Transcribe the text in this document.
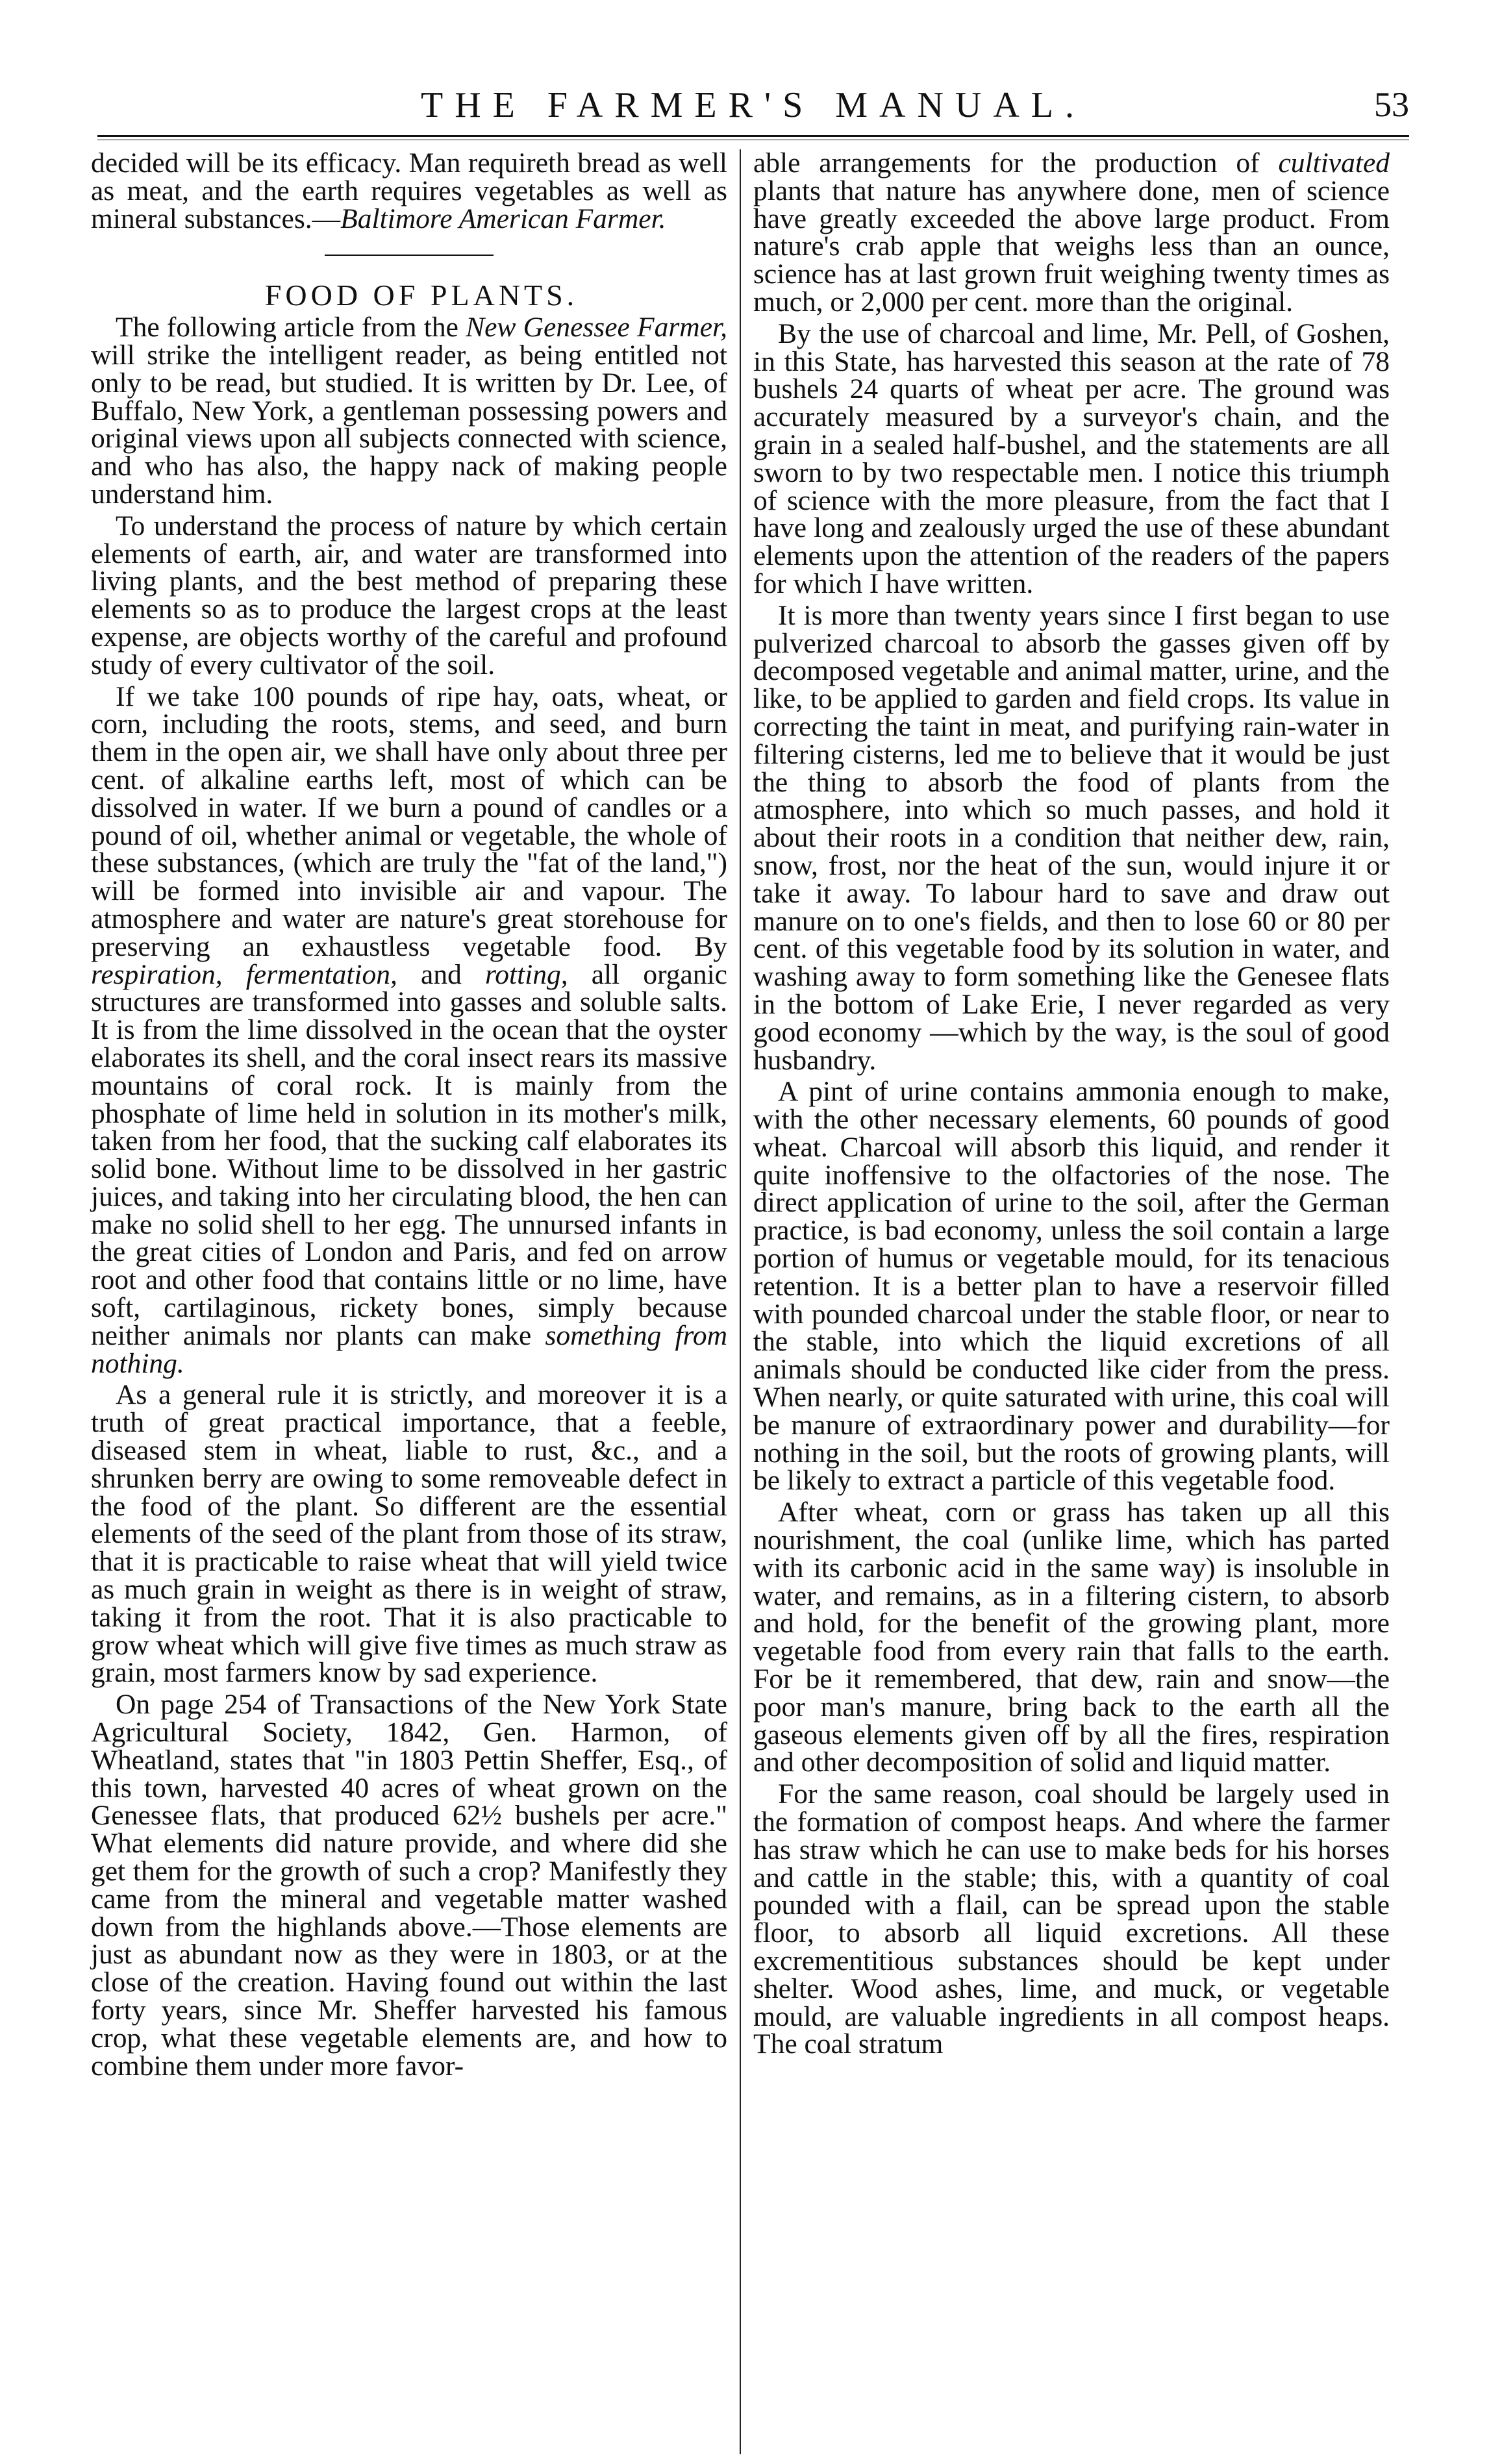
THE FARMER'S MANUAL.	53

decided will be its efficacy. Man requireth bread as well as meat, and the earth requires vegetables as well as mineral substances.—Baltimore American Farmer.

FOOD OF PLANTS.

The following article from the New Genessee Farmer, will strike the intelligent reader, as being entitled not only to be read, but studied. It is written by Dr. Lee, of Buffalo, New York, a gentleman possessing powers and original views upon all subjects connected with science, and who has also, the happy nack of making people understand him.

To understand the process of nature by which certain elements of earth, air, and water are transformed into living plants, and the best method of preparing these elements so as to produce the largest crops at the least expense, are objects worthy of the careful and profound study of every cultivator of the soil.

If we take 100 pounds of ripe hay, oats, wheat, or corn, including the roots, stems, and seed, and burn them in the open air, we shall have only about three per cent. of alkaline earths left, most of which can be dissolved in water. If we burn a pound of candles or a pound of oil, whether animal or vegetable, the whole of these substances, (which are truly the "fat of the land,") will be formed into invisible air and vapour. The atmosphere and water are nature's great storehouse for preserving an exhaustless vegetable food. By respiration, fermentation, and rotting, all organic structures are transformed into gasses and soluble salts. It is from the lime dissolved in the ocean that the oyster elaborates its shell, and the coral insect rears its massive mountains of coral rock. It is mainly from the phosphate of lime held in solution in its mother's milk, taken from her food, that the sucking calf elaborates its solid bone. Without lime to be dissolved in her gastric juices, and taking into her circulating blood, the hen can make no solid shell to her egg. The unnursed infants in the great cities of London and Paris, and fed on arrow root and other food that contains little or no lime, have soft, cartilaginous, rickety bones, simply because neither animals nor plants can make something from nothing.

As a general rule it is strictly, and moreover it is a truth of great practical importance, that a feeble, diseased stem in wheat, liable to rust, &c., and a shrunken berry are owing to some removeable defect in the food of the plant. So different are the essential elements of the seed of the plant from those of its straw, that it is practicable to raise wheat that will yield twice as much grain in weight as there is in weight of straw, taking it from the root. That it is also practicable to grow wheat which will give five times as much straw as grain, most farmers know by sad experience.

On page 254 of Transactions of the New York State Agricultural Society, 1842, Gen. Harmon, of Wheatland, states that "in 1803 Pettin Sheffer, Esq., of this town, harvested 40 acres of wheat grown on the Genessee flats, that produced 62½ bushels per acre." What elements did nature provide, and where did she get them for the growth of such a crop? Manifestly they came from the mineral and vegetable matter washed down from the highlands above.—Those elements are just as abundant now as they were in 1803, or at the close of the creation. Having found out within the last forty years, since Mr. Sheffer harvested his famous crop, what these vegetable elements are, and how to combine them under more favor-

able arrangements for the production of cultivated plants that nature has anywhere done, men of science have greatly exceeded the above large product. From nature's crab apple that weighs less than an ounce, science has at last grown fruit weighing twenty times as much, or 2,000 per cent. more than the original.

By the use of charcoal and lime, Mr. Pell, of Goshen, in this State, has harvested this season at the rate of 78 bushels 24 quarts of wheat per acre. The ground was accurately measured by a surveyor's chain, and the grain in a sealed half-bushel, and the statements are all sworn to by two respectable men. I notice this triumph of science with the more pleasure, from the fact that I have long and zealously urged the use of these abundant elements upon the attention of the readers of the papers for which I have written.

It is more than twenty years since I first began to use pulverized charcoal to absorb the gasses given off by decomposed vegetable and animal matter, urine, and the like, to be applied to garden and field crops. Its value in correcting the taint in meat, and purifying rain-water in filtering cisterns, led me to believe that it would be just the thing to absorb the food of plants from the atmosphere, into which so much passes, and hold it about their roots in a condition that neither dew, rain, snow, frost, nor the heat of the sun, would injure it or take it away. To labour hard to save and draw out manure on to one's fields, and then to lose 60 or 80 per cent. of this vegetable food by its solution in water, and washing away to form something like the Genesee flats in the bottom of Lake Erie, I never regarded as very good economy —which by the way, is the soul of good husbandry.

A pint of urine contains ammonia enough to make, with the other necessary elements, 60 pounds of good wheat. Charcoal will absorb this liquid, and render it quite inoffensive to the olfactories of the nose. The direct application of urine to the soil, after the German practice, is bad economy, unless the soil contain a large portion of humus or vegetable mould, for its tenacious retention. It is a better plan to have a reservoir filled with pounded charcoal under the stable floor, or near to the stable, into which the liquid excretions of all animals should be conducted like cider from the press. When nearly, or quite saturated with urine, this coal will be manure of extraordinary power and durability—for nothing in the soil, but the roots of growing plants, will be likely to extract a particle of this vegetable food.

After wheat, corn or grass has taken up all this nourishment, the coal (unlike lime, which has parted with its carbonic acid in the same way) is insoluble in water, and remains, as in a filtering cistern, to absorb and hold, for the benefit of the growing plant, more vegetable food from every rain that falls to the earth. For be it remembered, that dew, rain and snow—the poor man's manure, bring back to the earth all the gaseous elements given off by all the fires, respiration and other decomposition of solid and liquid matter.

For the same reason, coal should be largely used in the formation of compost heaps. And where the farmer has straw which he can use to make beds for his horses and cattle in the stable; this, with a quantity of coal pounded with a flail, can be spread upon the stable floor, to absorb all liquid excretions. All these excrementitious substances should be kept under shelter. Wood ashes, lime, and muck, or vegetable mould, are valuable ingredients in all compost heaps. The coal stratum
